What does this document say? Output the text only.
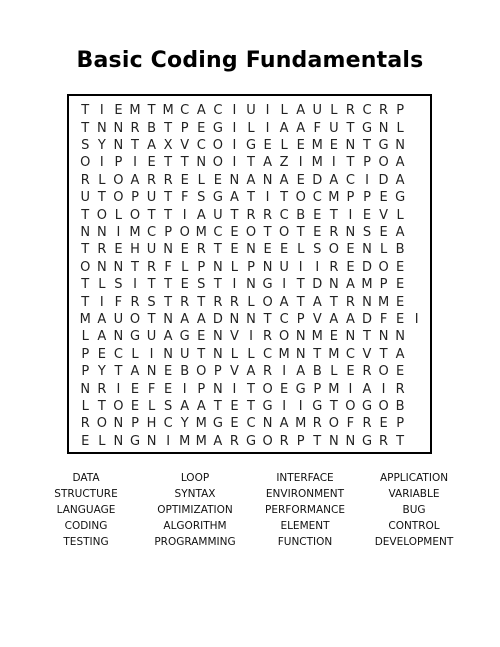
Basic Coding Fundamentals
T I E M T M C A C I U I L A U L R C R P
T N N R B T P E G I L I A A F U T G N L
S Y N T A X V C O I G E L E M E N T G N
O I P I E T T N O I T A Z I M I T P O A
R L O A R R E L E N A N A E D A C I D A
U T O P U T F S G A T I T O C M P P E G
T O L O T T I A U T R R C B E T I E V L
N N I M C P O M C E O T O T E R N S E A
T R E H U N E R T E N E E L S O E N L B
O N N T R F L P N L P N U I I R E D O E
T L S I T T E S T I N G I T D N A M P E
T I F R S T R T R R L O A T A T R N M E
M A U O T N A A D N N T C P V A A D F E I
L A N G U A G E N V I R O N M E N T N N
P E C L I N U T N L L C M N T M C V T A
P Y T A N E B O P V A R I A B L E R O E
N R I E F E I P N I T O E G P M I A I R
L T O E L S A A T E T G I I G T O G O B
R O N P H C Y M G E C N A M R O F R E P
E L N G N I M M A R G O R P T N N G R T
DATA
STRUCTURE
LANGUAGE
CODING
TESTING
LOOP
SYNTAX
OPTIMIZATION
ALGORITHM
PROGRAMMING
INTERFACE
ENVIRONMENT
PERFORMANCE
ELEMENT
FUNCTION
APPLICATION
VARIABLE
BUG
CONTROL
DEVELOPMENT
